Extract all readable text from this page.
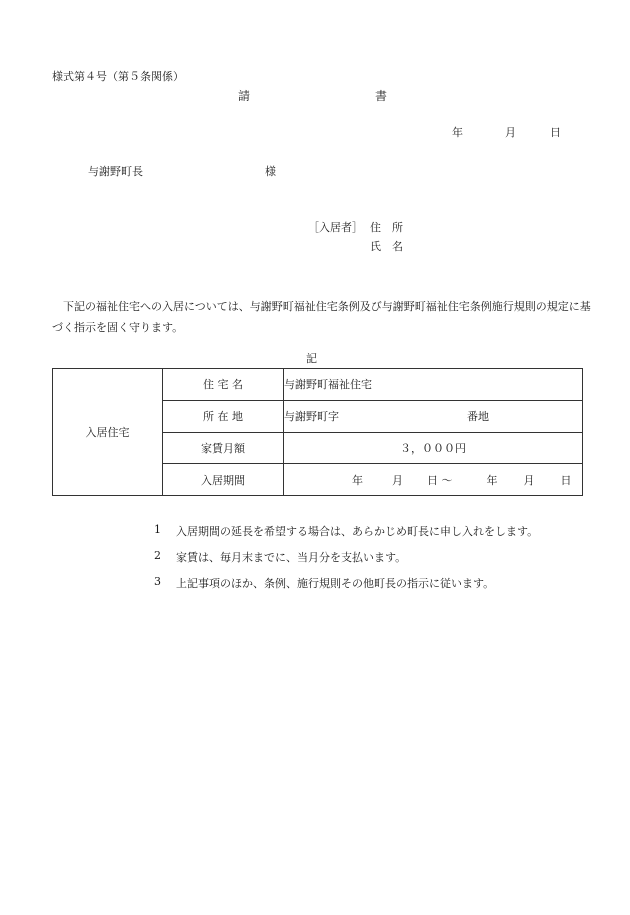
様式第４号（第５条関係）
請	書
年	月	日
与謝野町長	様
［入居者］ 住　所
氏　名
下記の福祉住宅への入居については、与謝野町福祉住宅条例及び与謝野町福祉住宅条例施行規則の規定に基づく指示を固く守ります。
記
入居住宅	住 宅 名	与謝野町福祉住宅
	所 在 地	与謝野町字 番地
	家賃月額	３，０００円
	入居期間	年 月 日 〜 年 月 日
1	入居期間の延長を希望する場合は、あらかじめ町長に申し入れをします。
2	家賃は、毎月末までに、当月分を支払います。
3	上記事項のほか、条例、施行規則その他町長の指示に従います。
